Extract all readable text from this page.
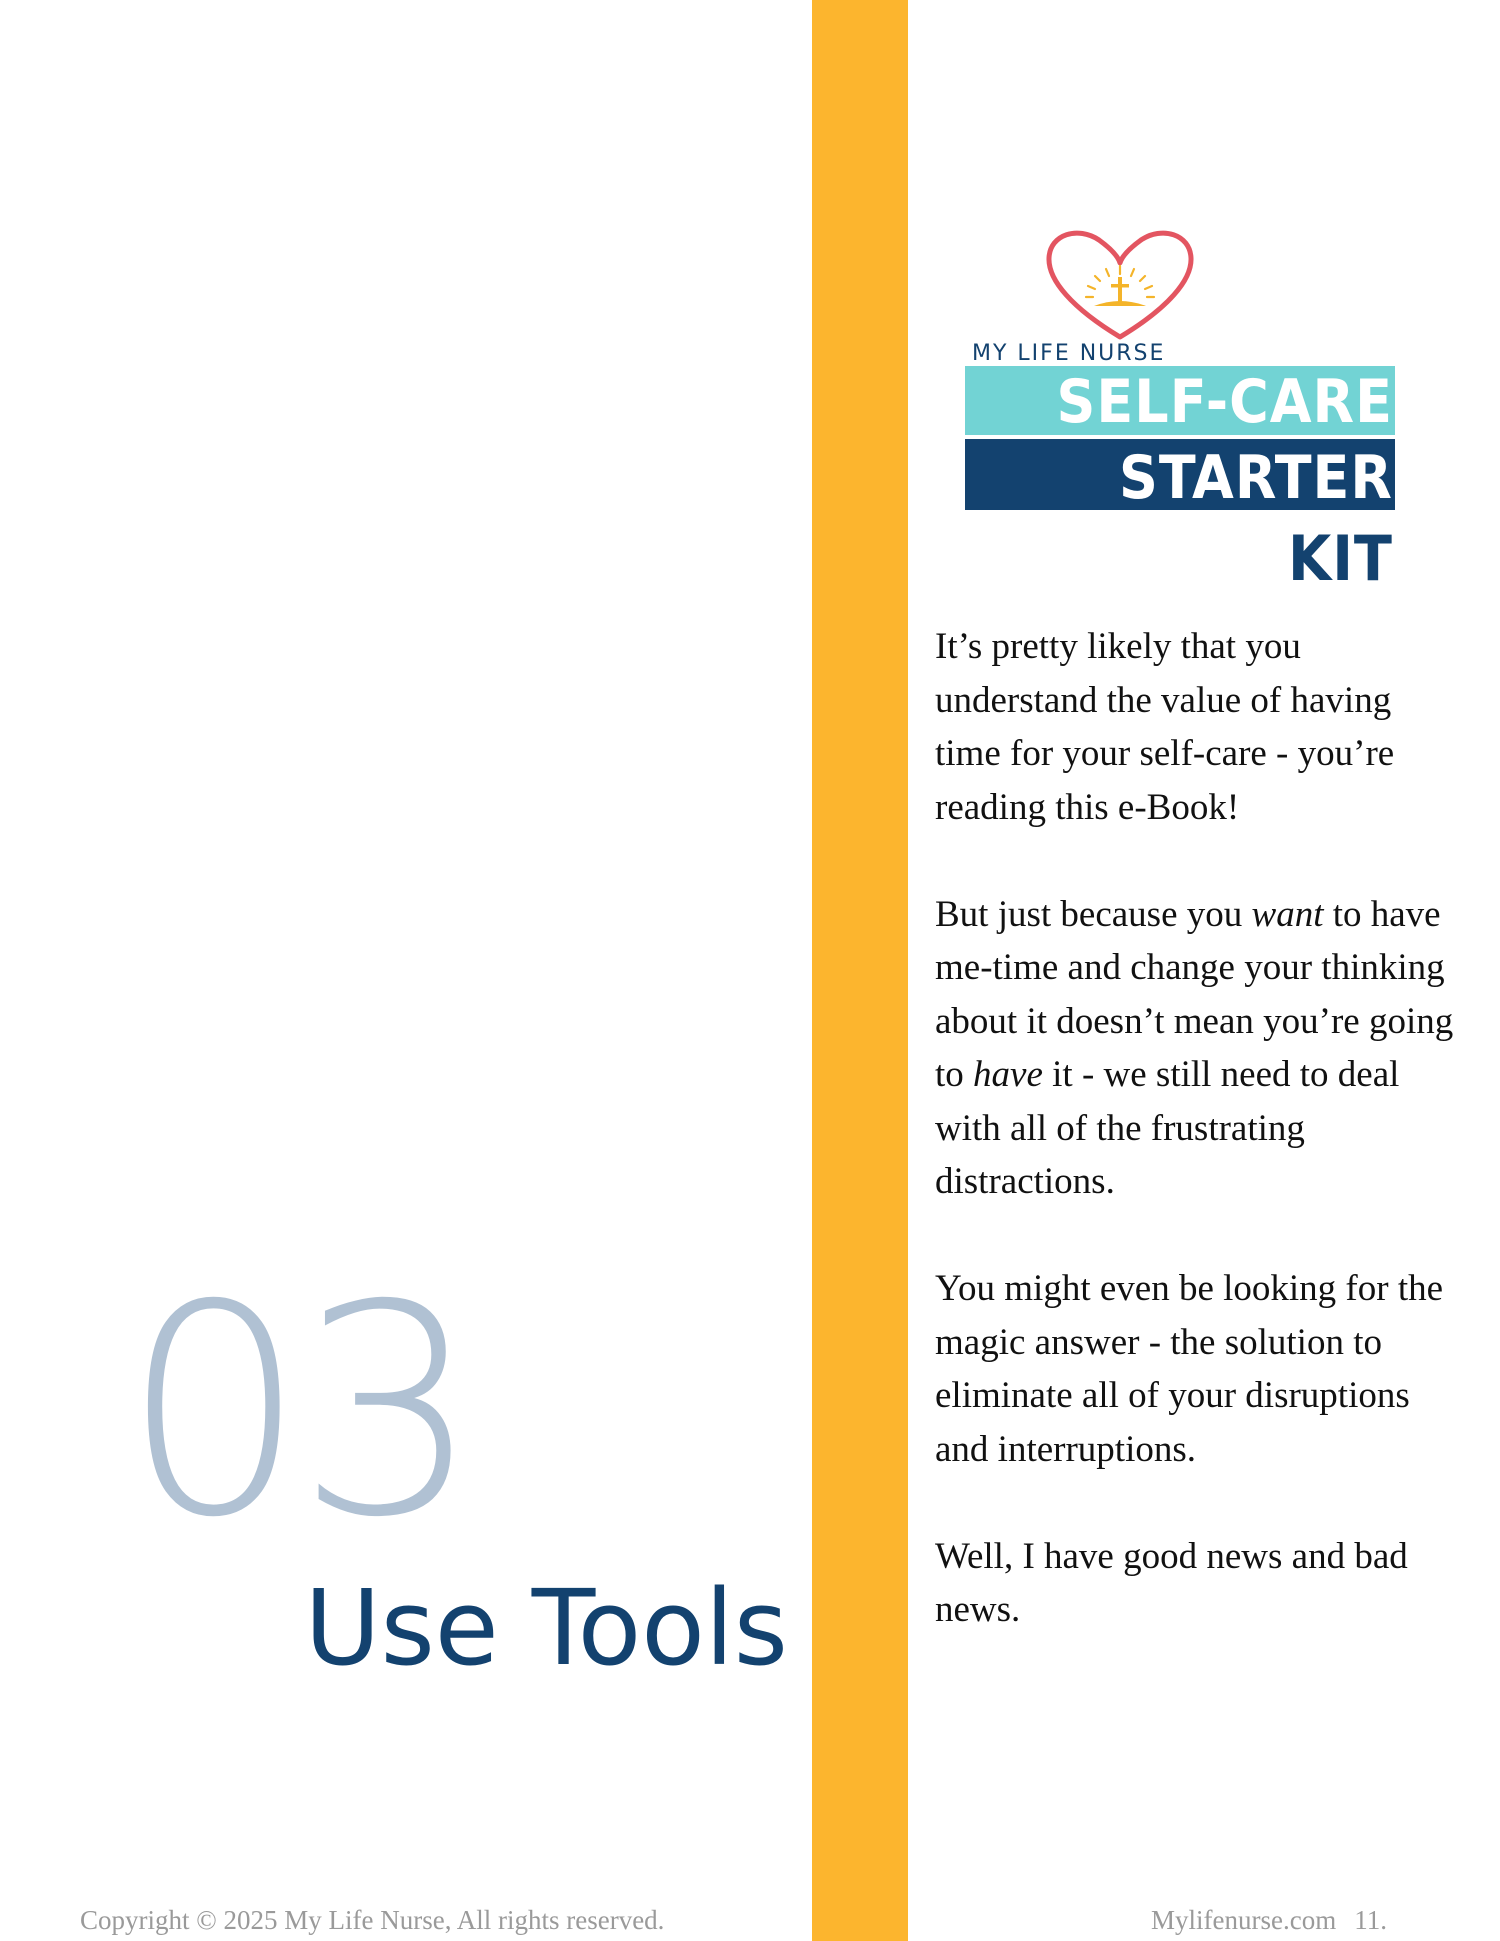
MY LIFE NURSE
SELF-CARE
STARTER
KIT
03
Use Tools

It’s pretty likely that you understand the value of having time for your self-care - you’re reading this e-Book!

But just because you want to have me-time and change your thinking about it doesn’t mean you’re going to have it - we still need to deal with all of the frustrating distractions.

You might even be looking for the magic answer - the solution to eliminate all of your disruptions and interruptions.

Well, I have good news and bad news.

Copyright © 2025 My Life Nurse, All rights reserved.	Mylifenurse.com 11.
